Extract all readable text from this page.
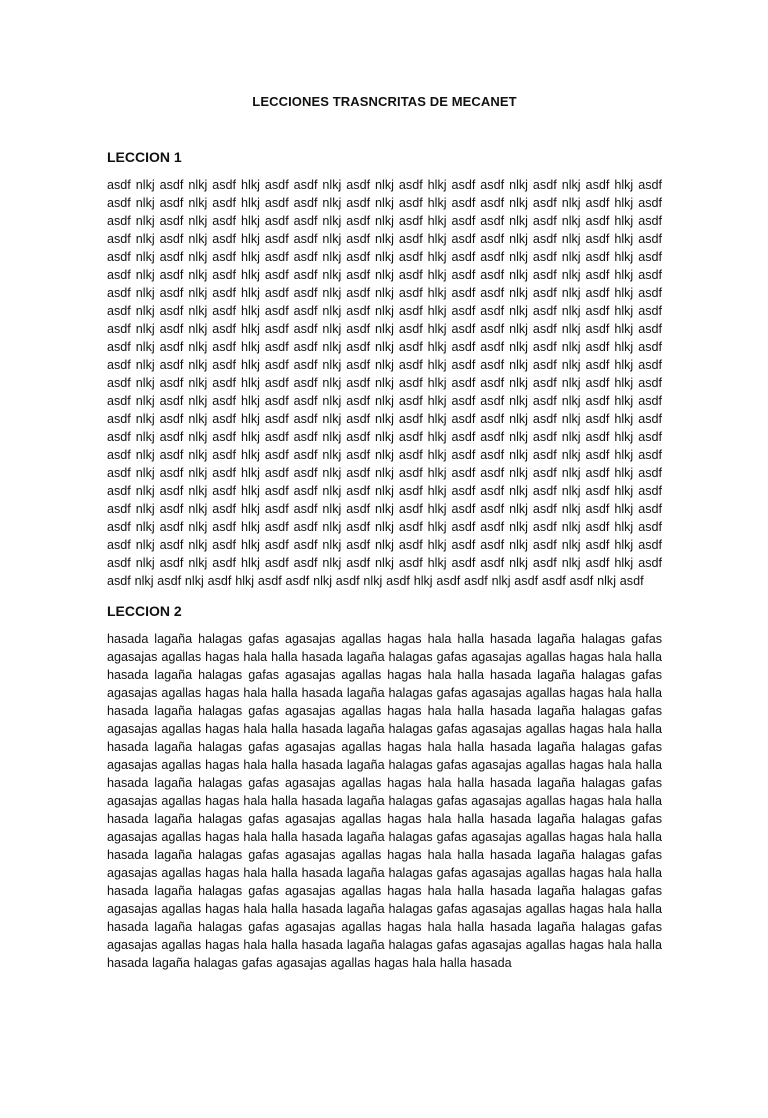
LECCIONES TRASNCRITAS DE MECANET
LECCION 1

asdf nlkj asdf nlkj asdf hlkj asdf asdf nlkj asdf nlkj asdf hlkj asdf asdf nlkj asdf nlkj asdf hlkj asdf asdf nlkj asdf nlkj asdf hlkj asdf asdf nlkj asdf nlkj asdf hlkj asdf asdf nlkj asdf nlkj asdf hlkj asdf asdf nlkj asdf nlkj asdf hlkj asdf asdf nlkj asdf nlkj asdf hlkj asdf asdf nlkj asdf nlkj asdf hlkj asdf asdf nlkj asdf nlkj asdf hlkj asdf asdf nlkj asdf nlkj asdf hlkj asdf asdf nlkj asdf nlkj asdf hlkj asdf asdf nlkj asdf nlkj asdf hlkj asdf asdf nlkj asdf nlkj asdf hlkj asdf asdf nlkj asdf nlkj asdf hlkj asdf asdf nlkj asdf nlkj asdf hlkj asdf asdf nlkj asdf nlkj asdf hlkj asdf asdf nlkj asdf nlkj asdf hlkj asdf asdf nlkj asdf nlkj asdf hlkj asdf asdf nlkj asdf nlkj asdf hlkj asdf asdf nlkj asdf nlkj asdf hlkj asdf asdf nlkj asdf nlkj asdf hlkj asdf asdf nlkj asdf nlkj asdf hlkj asdf asdf nlkj asdf nlkj asdf hlkj asdf asdf nlkj asdf nlkj asdf hlkj asdf asdf nlkj asdf nlkj asdf hlkj asdf asdf nlkj asdf nlkj asdf hlkj asdf asdf nlkj asdf nlkj asdf hlkj asdf asdf nlkj asdf nlkj asdf hlkj asdf asdf nlkj asdf nlkj asdf hlkj asdf asdf nlkj asdf nlkj asdf hlkj asdf asdf nlkj asdf nlkj asdf hlkj asdf asdf nlkj asdf nlkj asdf hlkj asdf asdf nlkj asdf nlkj asdf hlkj asdf asdf nlkj asdf nlkj asdf hlkj asdf asdf nlkj asdf nlkj asdf hlkj asdf asdf nlkj asdf nlkj asdf hlkj asdf asdf nlkj asdf nlkj asdf hlkj asdf asdf nlkj asdf nlkj asdf hlkj asdf asdf nlkj asdf nlkj asdf hlkj asdf asdf nlkj asdf nlkj asdf hlkj asdf asdf nlkj asdf nlkj asdf hlkj asdf asdf nlkj asdf nlkj asdf hlkj asdf asdf nlkj asdf nlkj asdf hlkj asdf asdf nlkj asdf nlkj asdf hlkj asdf asdf nlkj asdf nlkj asdf hlkj asdf asdf nlkj asdf nlkj asdf hlkj asdf asdf nlkj asdf nlkj asdf hlkj asdf asdf nlkj asdf nlkj asdf hlkj asdf asdf nlkj asdf nlkj asdf hlkj asdf asdf nlkj asdf nlkj asdf hlkj asdf asdf nlkj asdf nlkj asdf hlkj asdf asdf nlkj asdf nlkj asdf hlkj asdf asdf nlkj asdf nlkj asdf hlkj asdf asdf nlkj asdf nlkj asdf hlkj asdf asdf nlkj asdf nlkj asdf hlkj asdf asdf nlkj asdf nlkj asdf hlkj asdf asdf nlkj asdf nlkj asdf hlkj asdf asdf nlkj asdf nlkj asdf hlkj asdf asdf nlkj asdf nlkj asdf hlkj asdf asdf nlkj asdf nlkj asdf hlkj asdf asdf nlkj asdf nlkj asdf hlkj asdf asdf nlkj asdf nlkj asdf hlkj asdf asdf nlkj asdf nlkj asdf hlkj asdf asdf nlkj asdf nlkj asdf hlkj asdf asdf nlkj asdf nlkj asdf hlkj asdf asdf nlkj asdf nlkj asdf hlkj asdf asdf nlkj asdf nlkj asdf hlkj asdf asdf nlkj asdf asdf asdf nlkj asdf

LECCION 2

hasada lagaña halagas gafas agasajas agallas hagas hala halla hasada lagaña halagas gafas agasajas agallas hagas hala halla hasada lagaña halagas gafas agasajas agallas hagas hala halla hasada lagaña halagas gafas agasajas agallas hagas hala halla hasada lagaña halagas gafas agasajas agallas hagas hala halla hasada lagaña halagas gafas agasajas agallas hagas hala halla hasada lagaña halagas gafas agasajas agallas hagas hala halla hasada lagaña halagas gafas agasajas agallas hagas hala halla hasada lagaña halagas gafas agasajas agallas hagas hala halla hasada lagaña halagas gafas agasajas agallas hagas hala halla hasada lagaña halagas gafas agasajas agallas hagas hala halla hasada lagaña halagas gafas agasajas agallas hagas hala halla hasada lagaña halagas gafas agasajas agallas hagas hala halla hasada lagaña halagas gafas agasajas agallas hagas hala halla hasada lagaña halagas gafas agasajas agallas hagas hala halla hasada lagaña halagas gafas agasajas agallas hagas hala halla hasada lagaña halagas gafas agasajas agallas hagas hala halla hasada lagaña halagas gafas agasajas agallas hagas hala halla hasada lagaña halagas gafas agasajas agallas hagas hala halla hasada lagaña halagas gafas agasajas agallas hagas hala halla hasada lagaña halagas gafas agasajas agallas hagas hala halla hasada lagaña halagas gafas agasajas agallas hagas hala halla hasada lagaña halagas gafas agasajas agallas hagas hala halla hasada lagaña halagas gafas agasajas agallas hagas hala halla hasada lagaña halagas gafas agasajas agallas hagas hala halla hasada lagaña halagas gafas agasajas agallas hagas hala halla hasada lagaña halagas gafas agasajas agallas hagas hala halla hasada lagaña halagas gafas agasajas agallas hagas hala halla hasada
